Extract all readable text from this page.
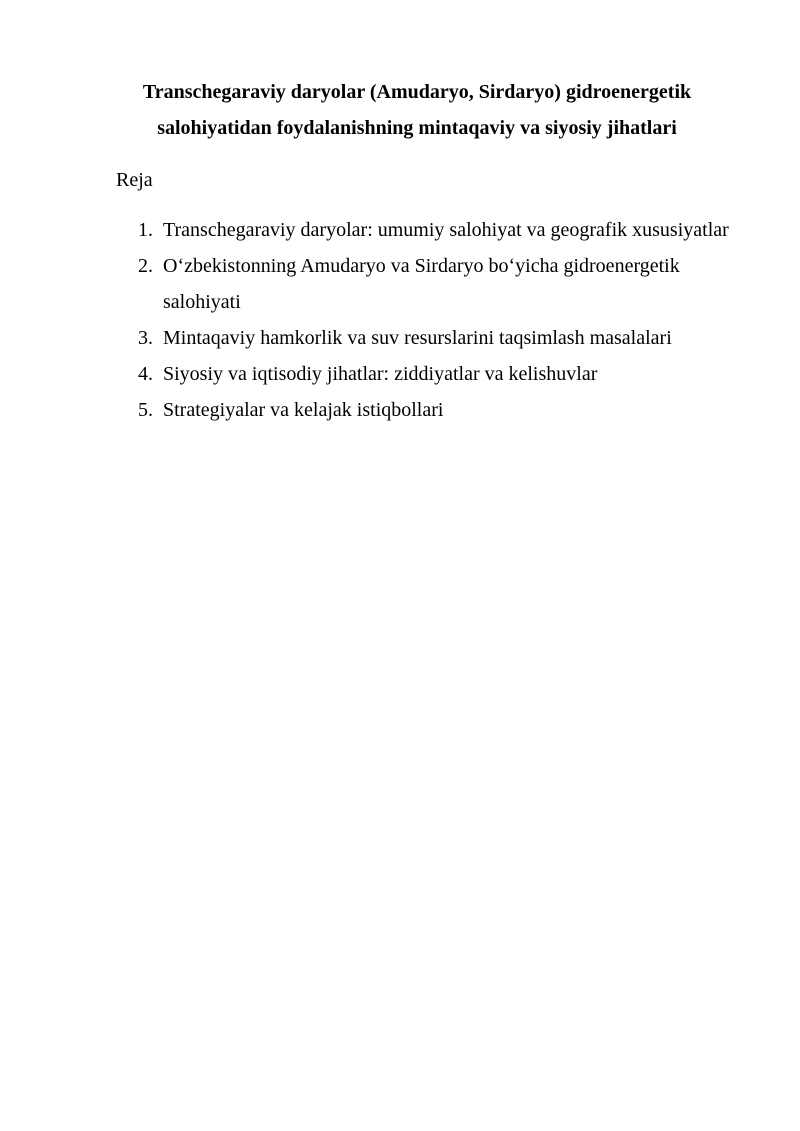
Transchegaraviy daryolar (Amudaryo, Sirdaryo) gidroenergetik
salohiyatidan foydalanishning mintaqaviy va siyosiy jihatlari

Reja

1. Transchegaraviy daryolar: umumiy salohiyat va geografik xususiyatlar
2. O‘zbekistonning Amudaryo va Sirdaryo bo‘yicha gidroenergetik salohiyati
3. Mintaqaviy hamkorlik va suv resurslarini taqsimlash masalalari
4. Siyosiy va iqtisodiy jihatlar: ziddiyatlar va kelishuvlar
5. Strategiyalar va kelajak istiqbollari
